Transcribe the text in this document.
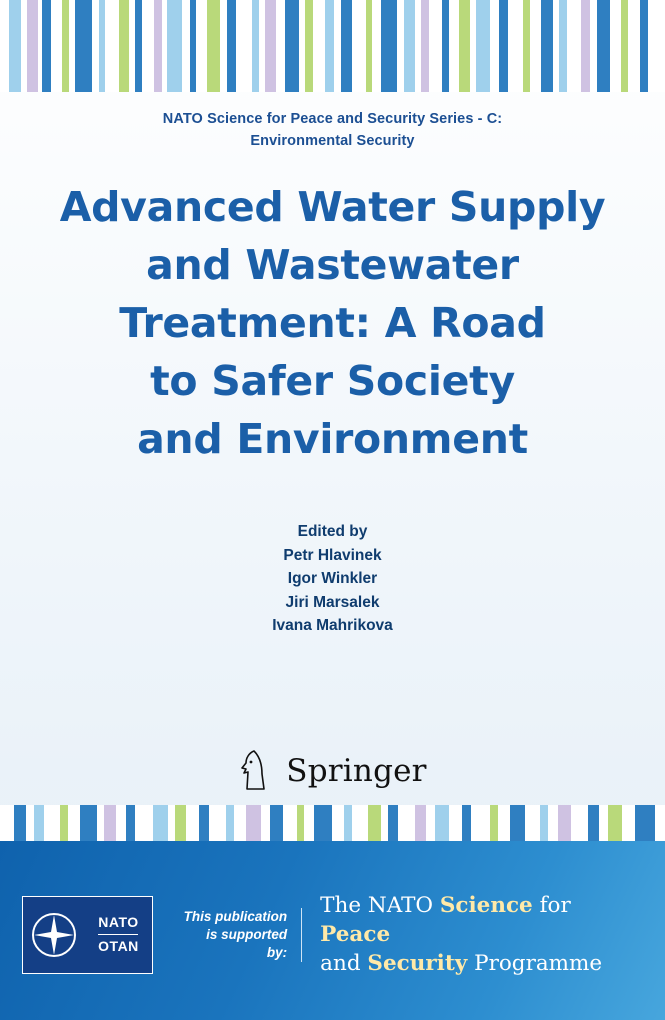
NATO Science for Peace and Security Series - C:
Environmental Security
Advanced Water Supply
and Wastewater
Treatment: A Road
to Safer Society
and Environment
Edited by
Petr Hlavinek
Igor Winkler
Jiri Marsalek
Ivana Mahrikova
Springer
NATO
OTAN
This publication
is supported by:
The NATO Science for Peace
and Security Programme
